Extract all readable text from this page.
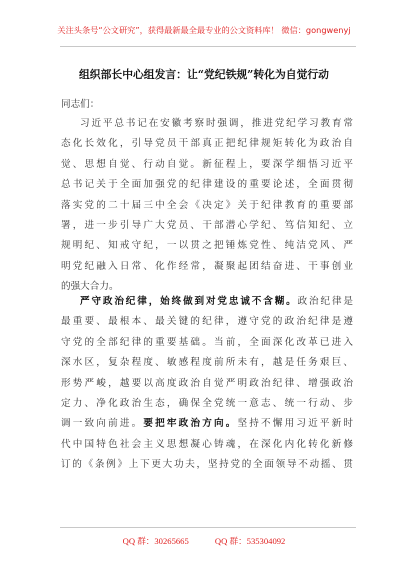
关注头条号“公文研究”，获得最新最全最专业的公文资料库！ 微信：gongwenyj
组织部长中心组发言：让“党纪铁规”转化为自觉行动
同志们：
习近平总书记在安徽考察时强调，推进党纪学习教育常
态化长效化，引导党员干部真正把纪律规矩转化为政治自
觉、思想自觉、行动自觉。新征程上，要深学细悟习近平
总书记关于全面加强党的纪律建设的重要论述，全面贯彻
落实党的二十届三中全会《决定》关于纪律教育的重要部
署，进一步引导广大党员、干部潜心学纪、笃信知纪、立
规明纪、知戒守纪，一以贯之把锤炼党性、纯洁党风、严
明党纪融入日常、化作经常，凝聚起团结奋进、干事创业
的强大合力。
严守政治纪律，始终做到对党忠诚不含糊。政治纪律是
最重要、最根本、最关键的纪律，遵守党的政治纪律是遵
守党的全部纪律的重要基础。当前，全面深化改革已进入
深水区，复杂程度、敏感程度前所未有，越是任务艰巨、
形势严峻，越要以高度政治自觉严明政治纪律、增强政治
定力、净化政治生态，确保全党统一意志、统一行动、步
调一致向前进。要把牢政治方向。坚持不懈用习近平新时
代中国特色社会主义思想凝心铸魂，在深化内化转化新修
订的《条例》上下更大功夫，坚持党的全面领导不动摇、贯
QQ 群：30265665	QQ 群：535304092
